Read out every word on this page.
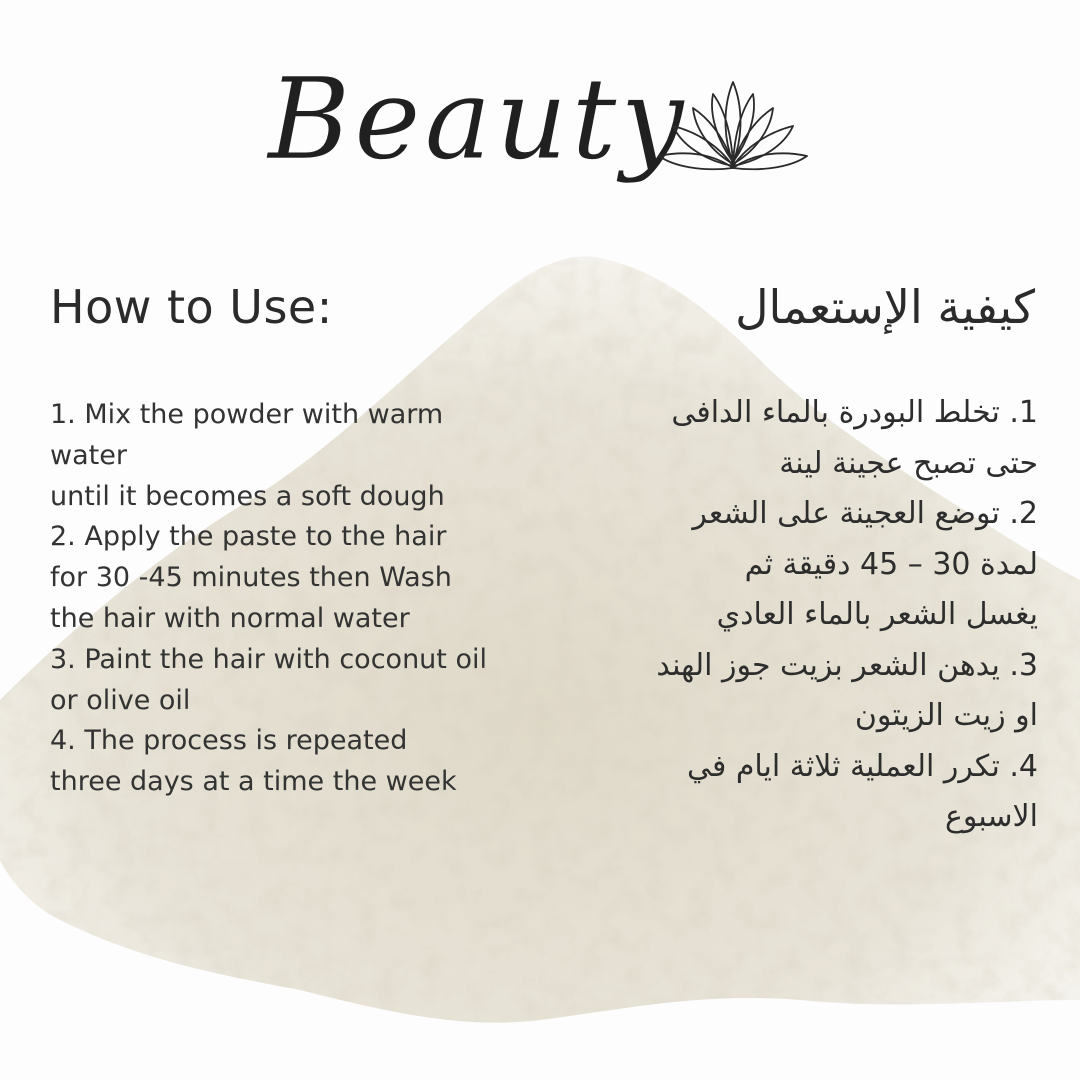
Beauty
How to Use:	كيفية الإستعمال
1. Mix the powder with warm
water
until it becomes a soft dough
2. Apply the paste to the hair
for 30 -45 minutes then Wash
the hair with normal water
3. Paint the hair with coconut oil
or olive oil
4. The process is repeated
three days at a time the week
1. تخلط البودرة بالماء الدافى
حتى تصبح عجينة لينة
2. توضع العجينة على الشعر
لمدة 30 – 45 دقيقة ثم
يغسل الشعر بالماء العادي
3. يدهن الشعر بزيت جوز الهند
او زيت الزيتون
4. تكرر العملية ثلاثة ايام في
الاسبوع
